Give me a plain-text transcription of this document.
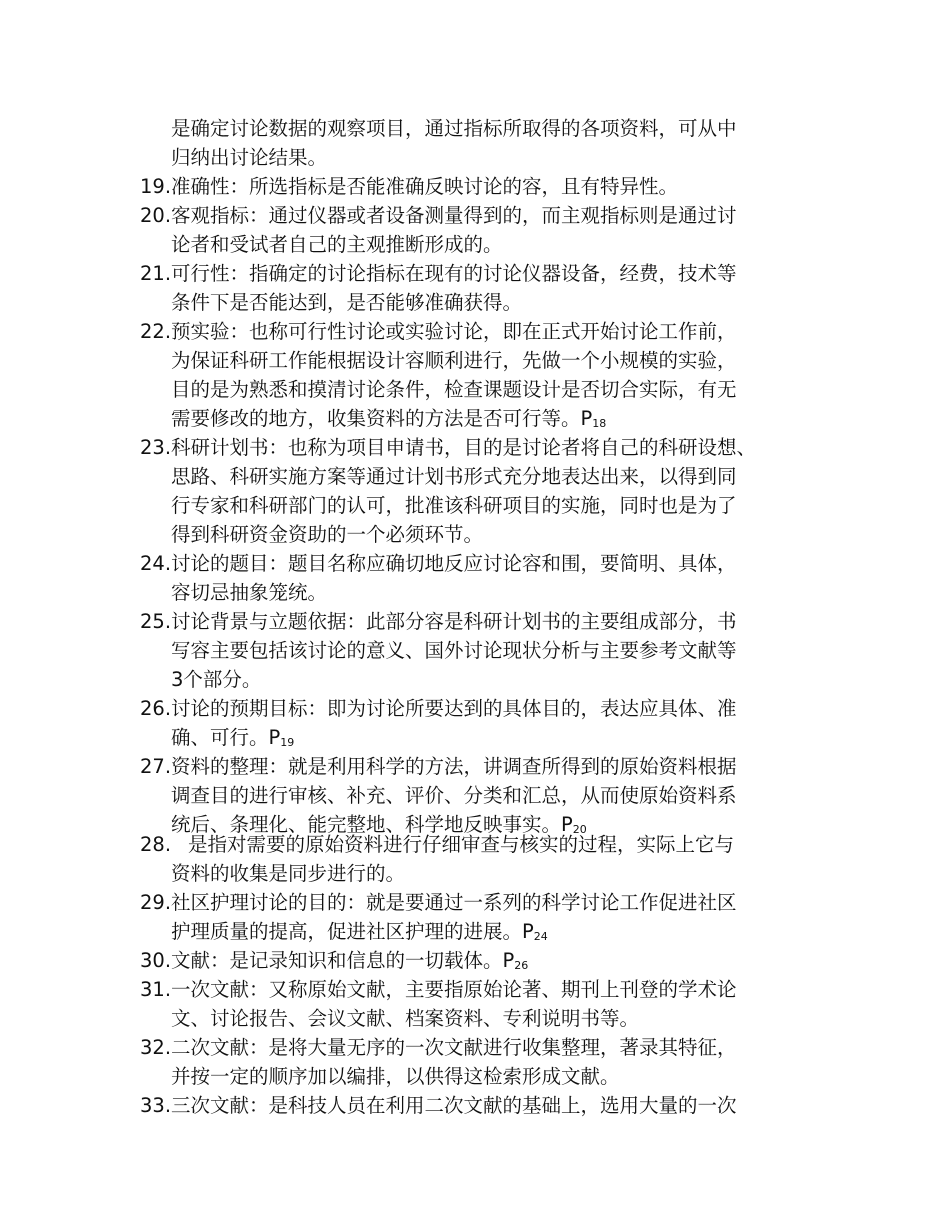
是确定讨论数据的观察项目，通过指标所取得的各项资料，可从中
归纳出讨论结果。
19.准确性：所选指标是否能准确反映讨论的容，且有特异性。
20.客观指标：通过仪器或者设备测量得到的，而主观指标则是通过讨
论者和受试者自己的主观推断形成的。
21.可行性：指确定的讨论指标在现有的讨论仪器设备，经费，技术等
条件下是否能达到，是否能够准确获得。
22.预实验：也称可行性讨论或实验讨论，即在正式开始讨论工作前，
为保证科研工作能根据设计容顺利进行，先做一个小规模的实验，
目的是为熟悉和摸清讨论条件，检查课题设计是否切合实际，有无
需要修改的地方，收集资料的方法是否可行等。P18
23.科研计划书：也称为项目申请书，目的是讨论者将自己的科研设想、
思路、科研实施方案等通过计划书形式充分地表达出来，以得到同
行专家和科研部门的认可，批准该科研项目的实施，同时也是为了
得到科研资金资助的一个必须环节。
24.讨论的题目：题目名称应确切地反应讨论容和围，要简明、具体，
容切忌抽象笼统。
25.讨论背景与立题依据：此部分容是科研计划书的主要组成部分，书
写容主要包括该讨论的意义、国外讨论现状分析与主要参考文献等
3个部分。
26.讨论的预期目标：即为讨论所要达到的具体目的，表达应具体、准
确、可行。P19
27.资料的整理：就是利用科学的方法，讲调查所得到的原始资料根据
调查目的进行审核、补充、评价、分类和汇总，从而使原始资料系
统后、条理化、能完整地、科学地反映事实。P20
28. 是指对需要的原始资料进行仔细审查与核实的过程，实际上它与
资料的收集是同步进行的。
29.社区护理讨论的目的：就是要通过一系列的科学讨论工作促进社区
护理质量的提高，促进社区护理的进展。P24
30.文献：是记录知识和信息的一切载体。P26
31.一次文献：又称原始文献，主要指原始论著、期刊上刊登的学术论
文、讨论报告、会议文献、档案资料、专利说明书等。
32.二次文献：是将大量无序的一次文献进行收集整理，著录其特征，
并按一定的顺序加以编排，以供得这检索形成文献。
33.三次文献：是科技人员在利用二次文献的基础上，选用大量的一次
